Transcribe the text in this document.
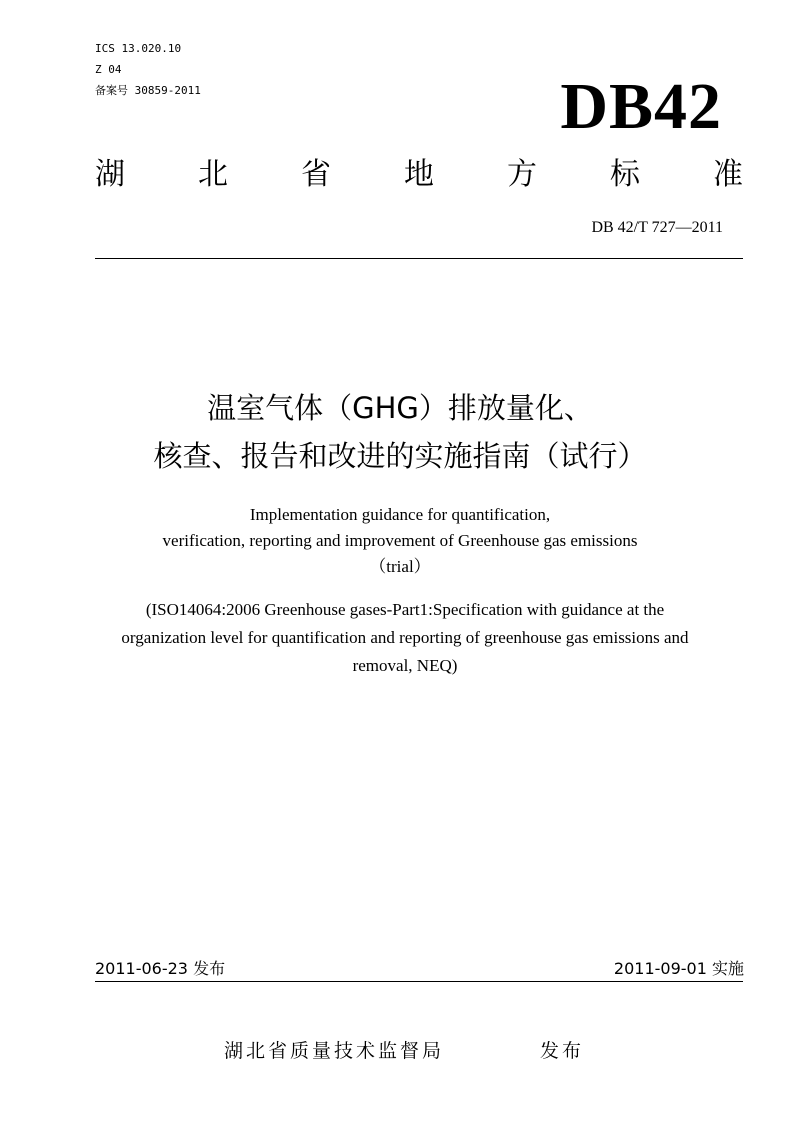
ICS 13.020.10
Z 04
备案号 30859-2011	DB42
湖 北 省 地 方 标 准
DB 42/T 727—2011
温室气体（GHG）排放量化、
核查、报告和改进的实施指南（试行）
Implementation guidance for quantification,
verification, reporting and improvement of Greenhouse gas emissions
（trial）
(ISO14064:2006 Greenhouse gases-Part1:Specification with guidance at the
organization level for quantification and reporting of greenhouse gas emissions and
removal, NEQ)
2011-06-23 发布	2011-09-01 实施
湖北省质量技术监督局	发布
